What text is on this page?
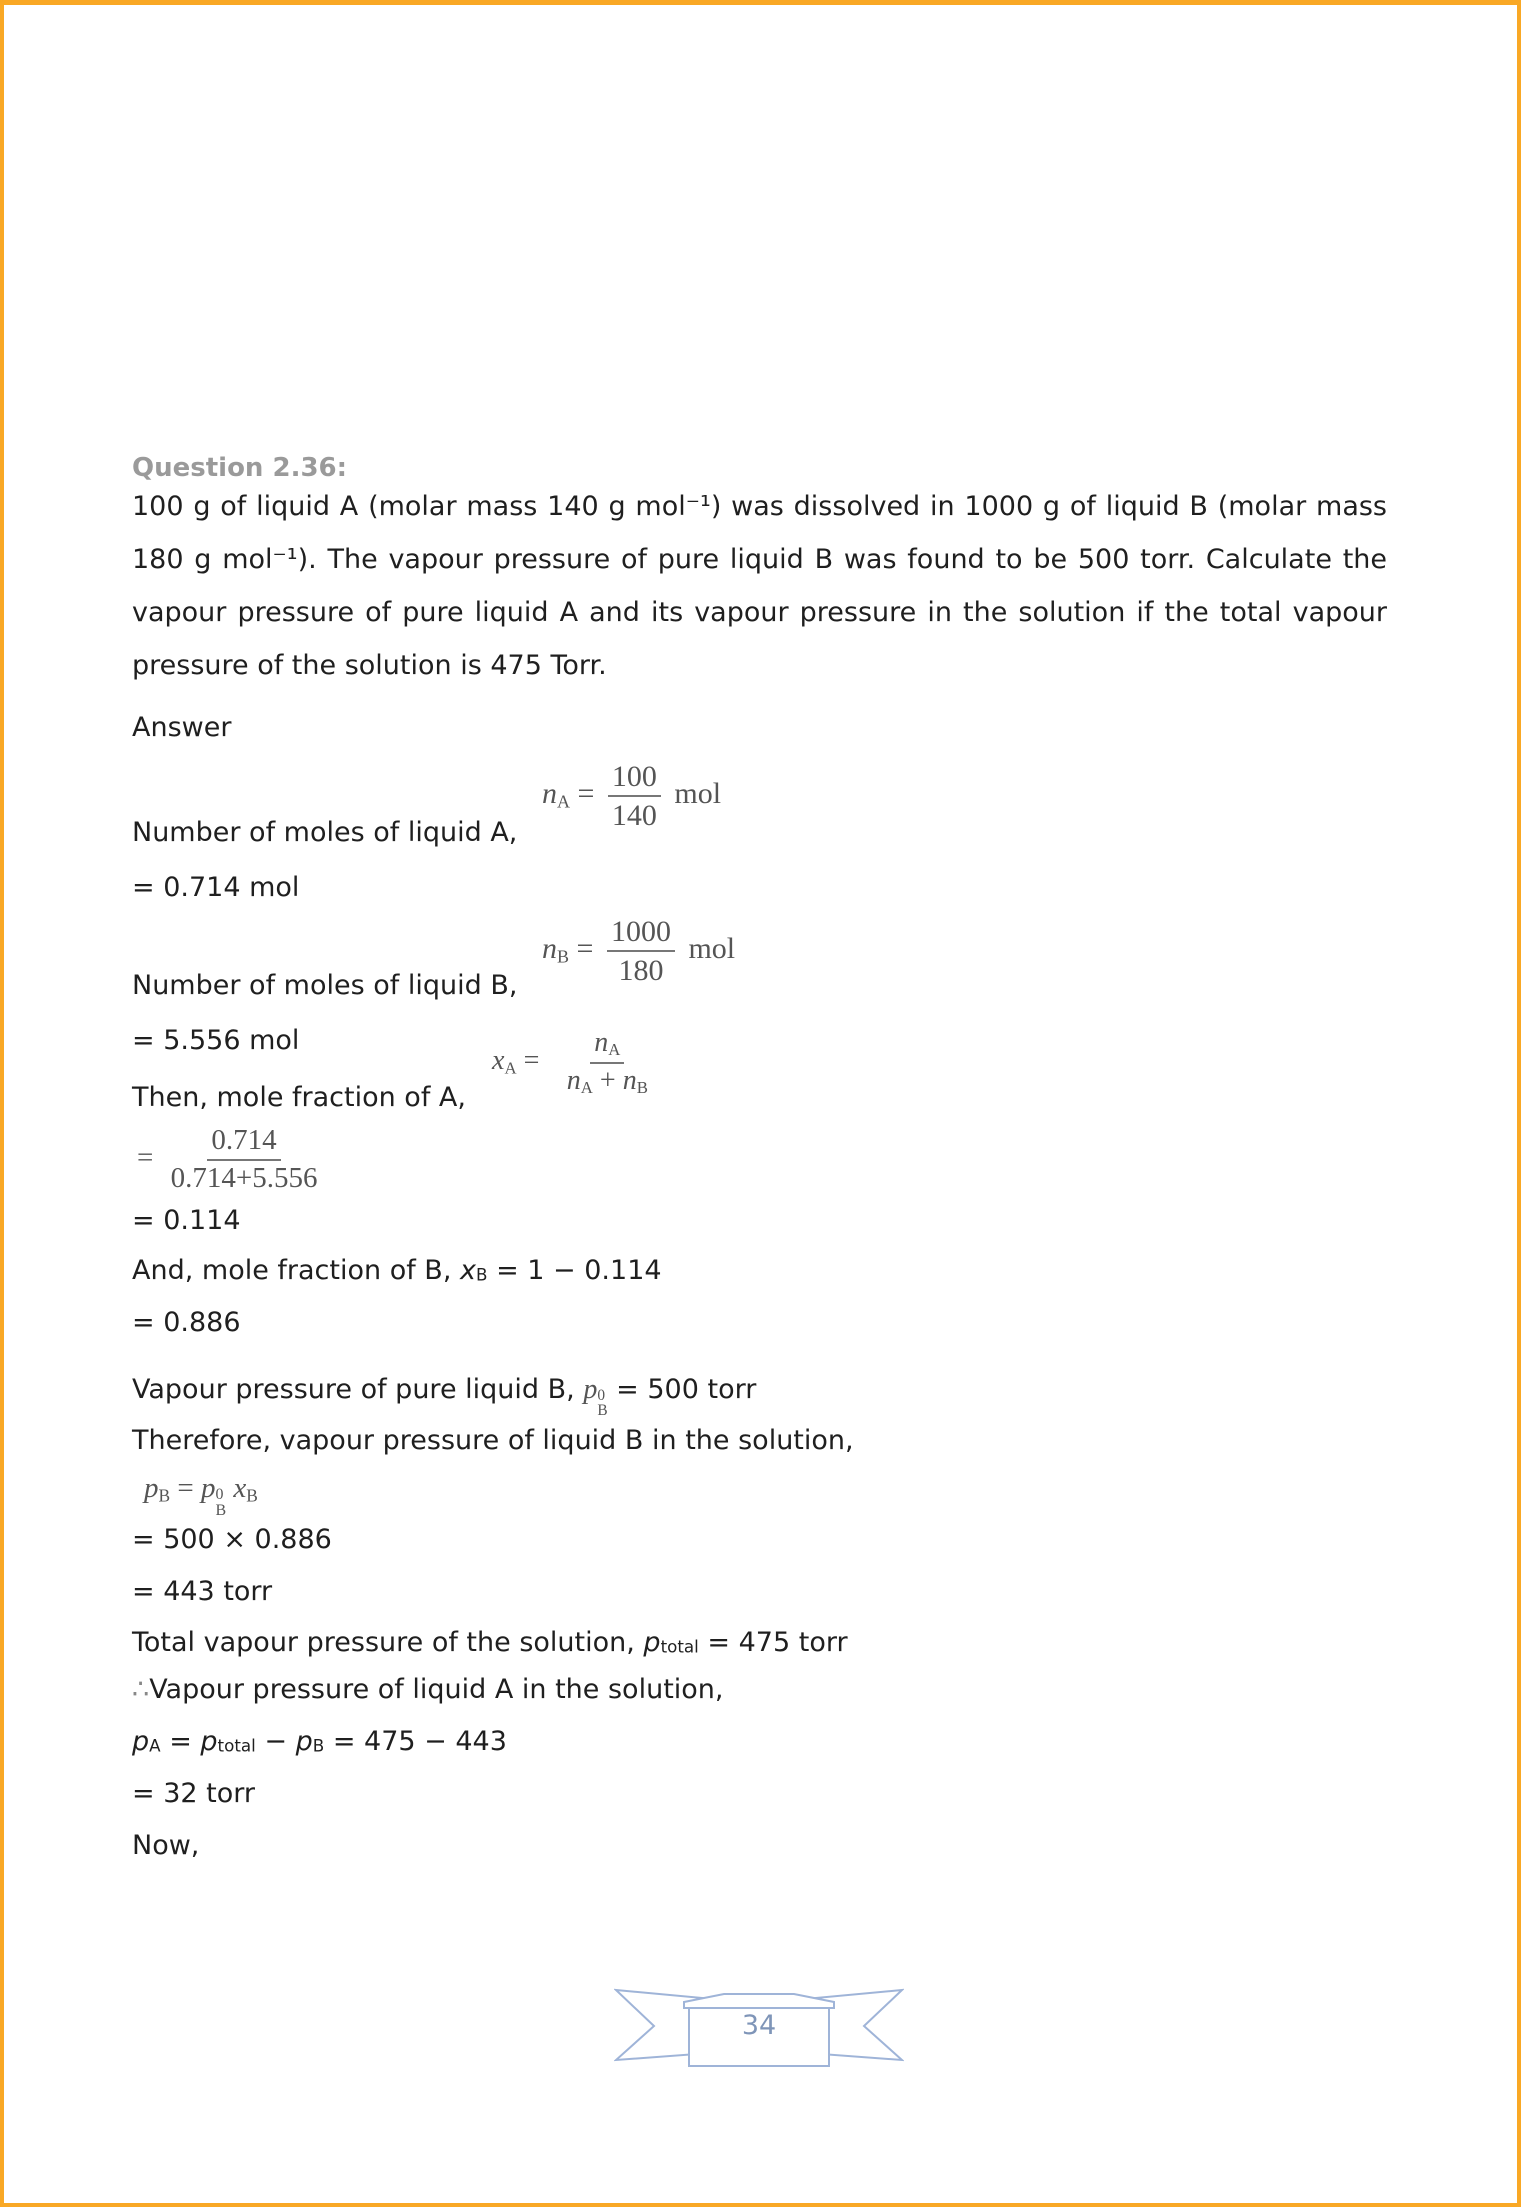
Question 2.36:
100 g of liquid A (molar mass 140 g mol⁻¹) was dissolved in 1000 g of liquid B (molar mass 180 g mol⁻¹). The vapour pressure of pure liquid B was found to be 500 torr. Calculate the vapour pressure of pure liquid A and its vapour pressure in the solution if the total vapour pressure of the solution is 475 Torr.
Answer
Number of moles of liquid A,
$n_A = \frac{100}{140}$ mol
= 0.714 mol
Number of moles of liquid B,
$n_B = \frac{1000}{180}$ mol
= 5.556 mol
Then, mole fraction of A,
$x_A = \frac{n_A}{n_A + n_B}$
= $\frac{0.714}{0.714+5.556}$
= 0.114
And, mole fraction of B, xB = 1 − 0.114
= 0.886
Vapour pressure of pure liquid B, p 0
B
= 500 torr
Therefore, vapour pressure of liquid B in the solution,
$p_B = p$ 0
B
$x_B$
= 500 × 0.886
= 443 torr
Total vapour pressure of the solution, ptotal = 475 torr
∴Vapour pressure of liquid A in the solution,
pA = ptotal − pB = 475 − 443
= 32 torr
Now,
34
